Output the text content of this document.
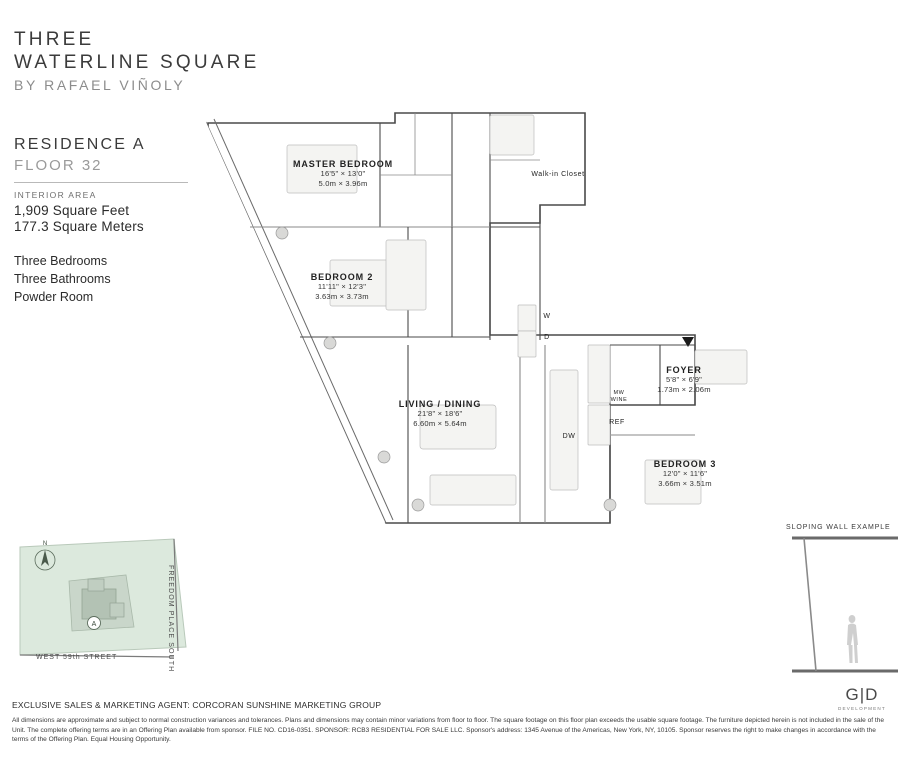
THREE
WATERLINE SQUARE
BY RAFAEL VIÑOLY
RESIDENCE A
FLOOR 32
INTERIOR AREA
1,909 Square Feet
177.3 Square Meters
Three Bedrooms
Three Bathrooms
Powder Room
MASTER BEDROOM
16'5" × 13'0"
5.0m × 3.96m
BEDROOM 2
11'11" × 12'3"
3.63m × 3.73m
LIVING / DINING
21'8" × 18'6"
6.60m × 5.64m
FOYER
5'8" × 6'9"
1.73m × 2.06m
BEDROOM 3
12'0" × 11'6"
3.66m × 3.51m
Walk-in Closet
W
D
DW
REF
MW
WINE
A
N
WEST 59th STREET	FREEDOM PLACE SOUTH
SLOPING WALL EXAMPLE
EXCLUSIVE SALES & MARKETING AGENT: CORCORAN SUNSHINE MARKETING GROUP
All dimensions are approximate and subject to normal construction variances and tolerances. Plans and dimensions may contain minor variations from floor to floor. The square footage on this floor plan exceeds the usable square footage. The furniture depicted herein is not included in the sale of the Unit. The complete offering terms are in an Offering Plan available from sponsor. FILE NO. CD16-0351. SPONSOR: RCB3 RESIDENTIAL FOR SALE LLC. Sponsor's address: 1345 Avenue of the Americas, New York, NY, 10105. Sponsor reserves the right to make changes in accordance with the terms of the Offering Plan. Equal Housing Opportunity.
G|D
DEVELOPMENT
